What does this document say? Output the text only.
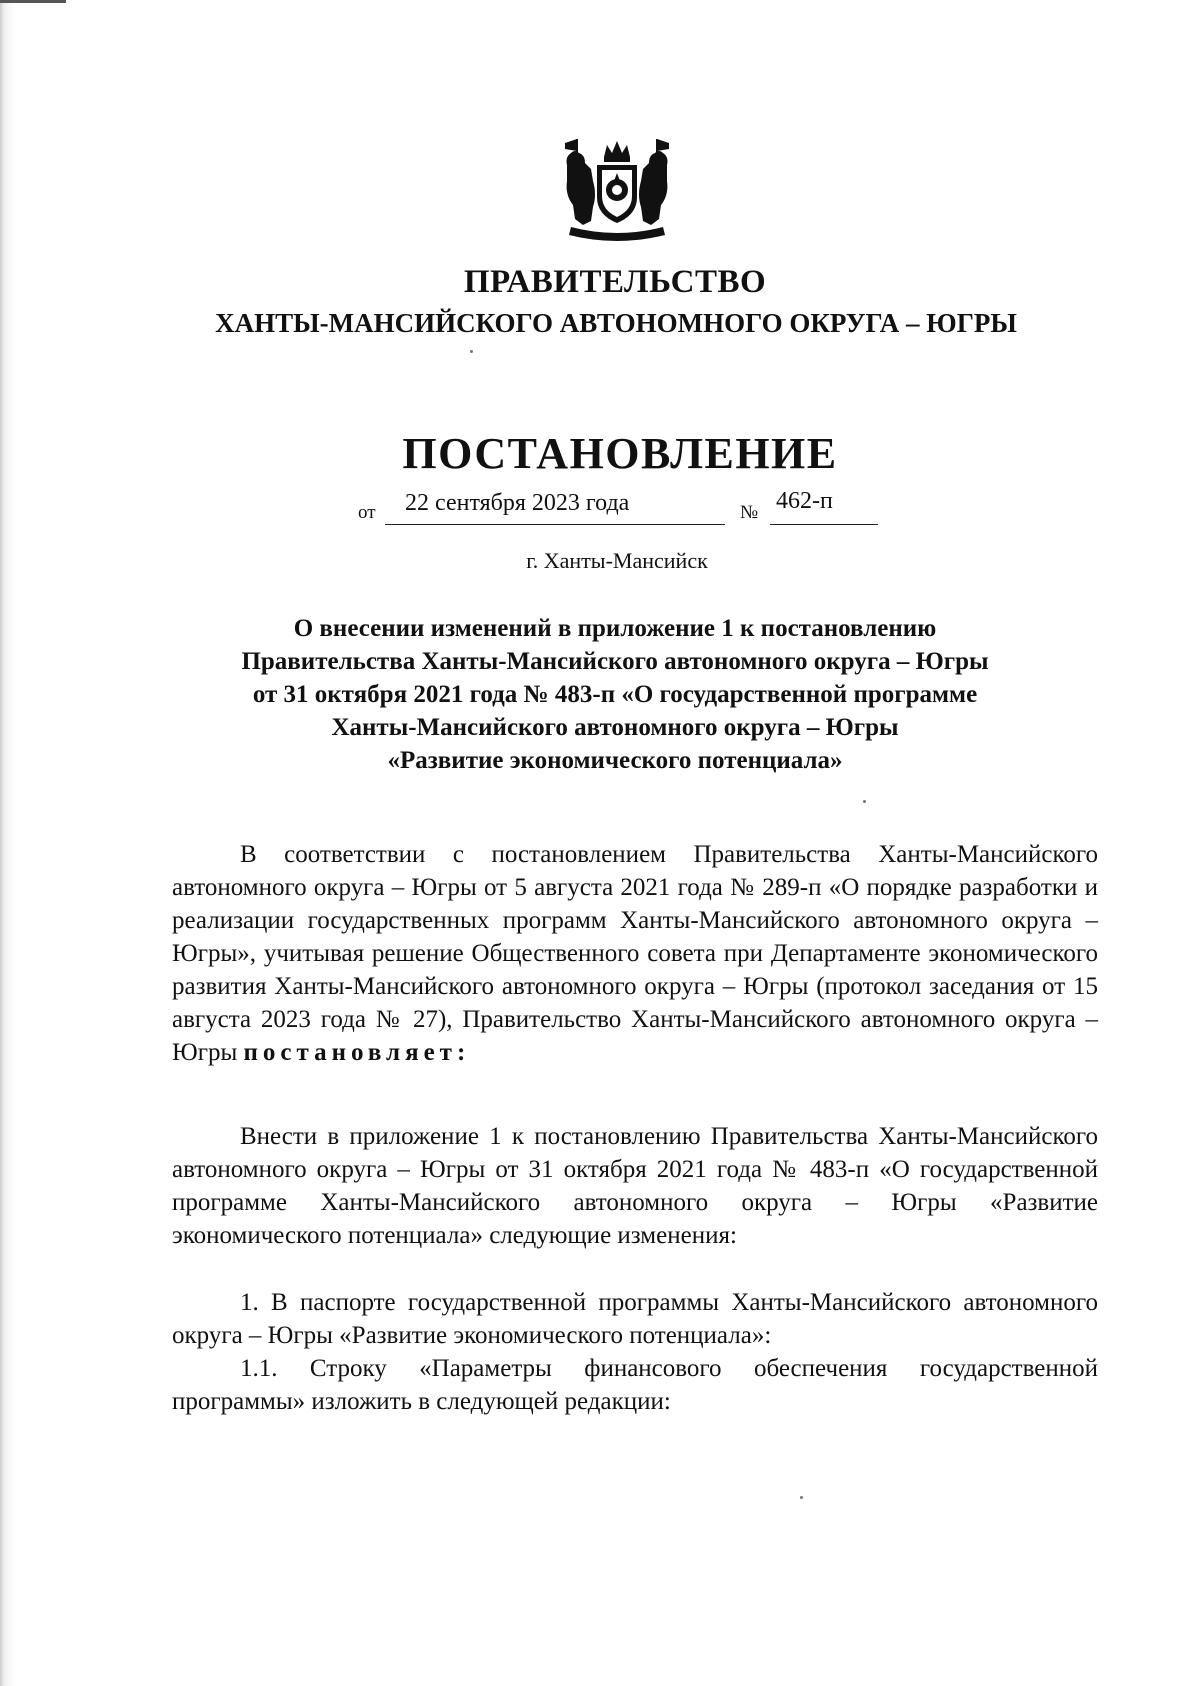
ПРАВИТЕЛЬСТВО
ХАНТЫ-МАНСИЙСКОГО АВТОНОМНОГО ОКРУГА – ЮГРЫ
ПОСТАНОВЛЕНИЕ
от 22 сентября 2023 года	№ 462-п
г. Ханты-Мансийск
О внесении изменений в приложение 1 к постановлению
Правительства Ханты-Мансийского автономного округа – Югры
от 31 октября 2021 года № 483-п «О государственной программе
Ханты-Мансийского автономного округа – Югры
«Развитие экономического потенциала»
В соответствии с постановлением Правительства Ханты-Мансийского автономного округа – Югры от 5 августа 2021 года № 289-п «О порядке разработки и реализации государственных программ Ханты-Мансийского автономного округа – Югры», учитывая решение Общественного совета при Департаменте экономического развития Ханты-Мансийского автономного округа – Югры (протокол заседания от 15 августа 2023 года № 27), Правительство Ханты-Мансийского автономного округа – Югры постановляет:
Внести в приложение 1 к постановлению Правительства Ханты-Мансийского автономного округа – Югры от 31 октября 2021 года № 483-п «О государственной программе Ханты-Мансийского автономного округа – Югры «Развитие экономического потенциала» следующие изменения:
1. В паспорте государственной программы Ханты-Мансийского автономного округа – Югры «Развитие экономического потенциала»:
1.1. Строку «Параметры финансового обеспечения государственной программы» изложить в следующей редакции:
